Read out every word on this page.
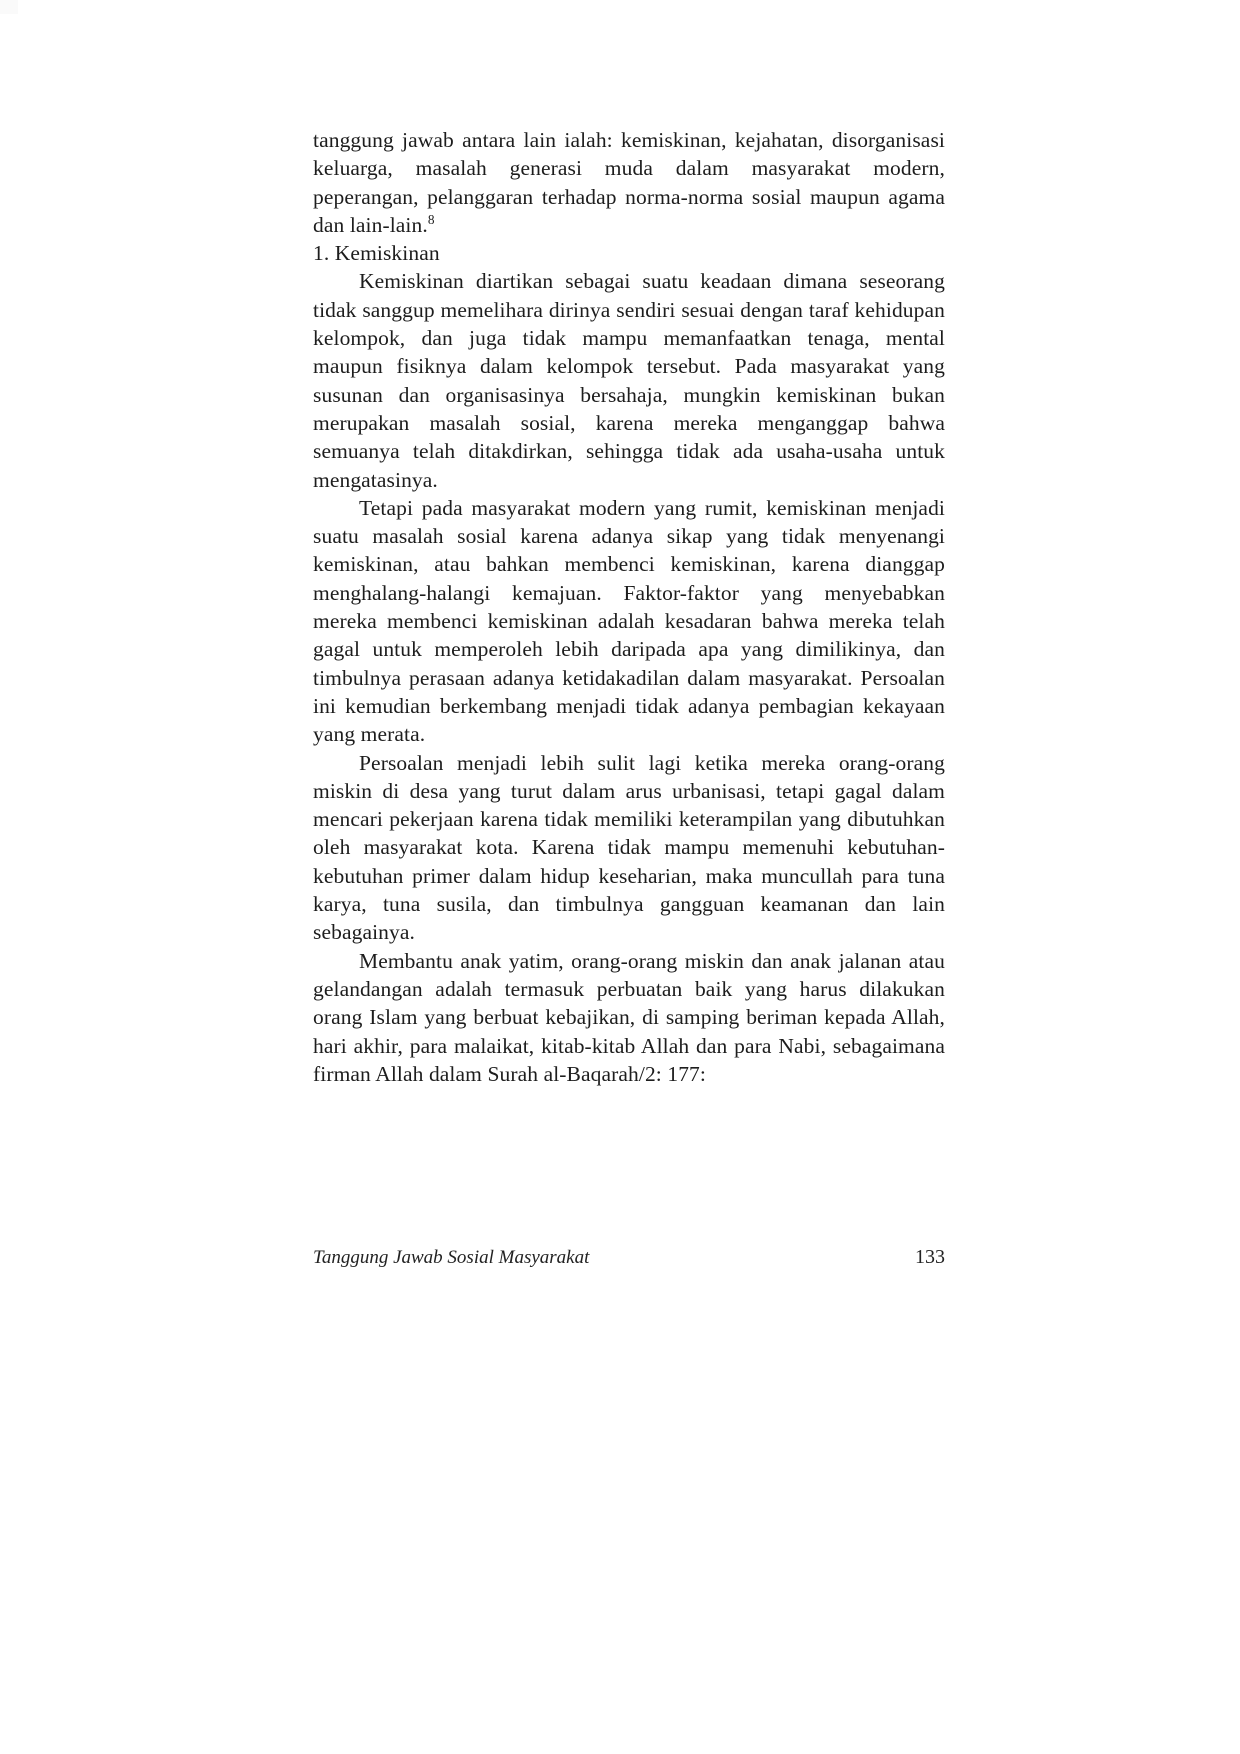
tanggung jawab antara lain ialah: kemiskinan, kejahatan, disorganisasi keluarga, masalah generasi muda dalam masyarakat modern, peperangan, pelanggaran terhadap norma-norma sosial maupun agama dan lain-lain.$^8$

1. Kemiskinan

Kemiskinan diartikan sebagai suatu keadaan dimana seseorang tidak sanggup memelihara dirinya sendiri sesuai dengan taraf kehidupan kelompok, dan juga tidak mampu memanfaatkan tenaga, mental maupun fisiknya dalam kelompok tersebut. Pada masyarakat yang susunan dan organisasinya bersahaja, mungkin kemiskinan bukan merupakan masalah sosial, karena mereka menganggap bahwa semuanya telah ditakdirkan, sehingga tidak ada usaha-usaha untuk mengatasinya.

Tetapi pada masyarakat modern yang rumit, kemiskinan menjadi suatu masalah sosial karena adanya sikap yang tidak menyenangi kemiskinan, atau bahkan membenci kemiskinan, karena dianggap menghalang-halangi kemajuan. Faktor-faktor yang menyebabkan mereka membenci kemiskinan adalah kesadaran bahwa mereka telah gagal untuk memperoleh lebih daripada apa yang dimilikinya, dan timbulnya perasaan adanya ketidakadilan dalam masyarakat. Persoalan ini kemudian berkembang menjadi tidak adanya pembagian kekayaan yang merata.

Persoalan menjadi lebih sulit lagi ketika mereka orang-orang miskin di desa yang turut dalam arus urbanisasi, tetapi gagal dalam mencari pekerjaan karena tidak memiliki keterampilan yang dibutuhkan oleh masyarakat kota. Karena tidak mampu memenuhi kebutuhan-kebutuhan primer dalam hidup keseharian, maka muncullah para tuna karya, tuna susila, dan timbulnya gangguan keamanan dan lain sebagainya.

Membantu anak yatim, orang-orang miskin dan anak jalanan atau gelandangan adalah termasuk perbuatan baik yang harus dilakukan orang Islam yang berbuat kebajikan, di samping beriman kepada Allah, hari akhir, para malaikat, kitab-kitab Allah dan para Nabi, sebagaimana firman Allah dalam Surah al-Baqarah/2: 177:

Tanggung Jawab Sosial Masyarakat	133
